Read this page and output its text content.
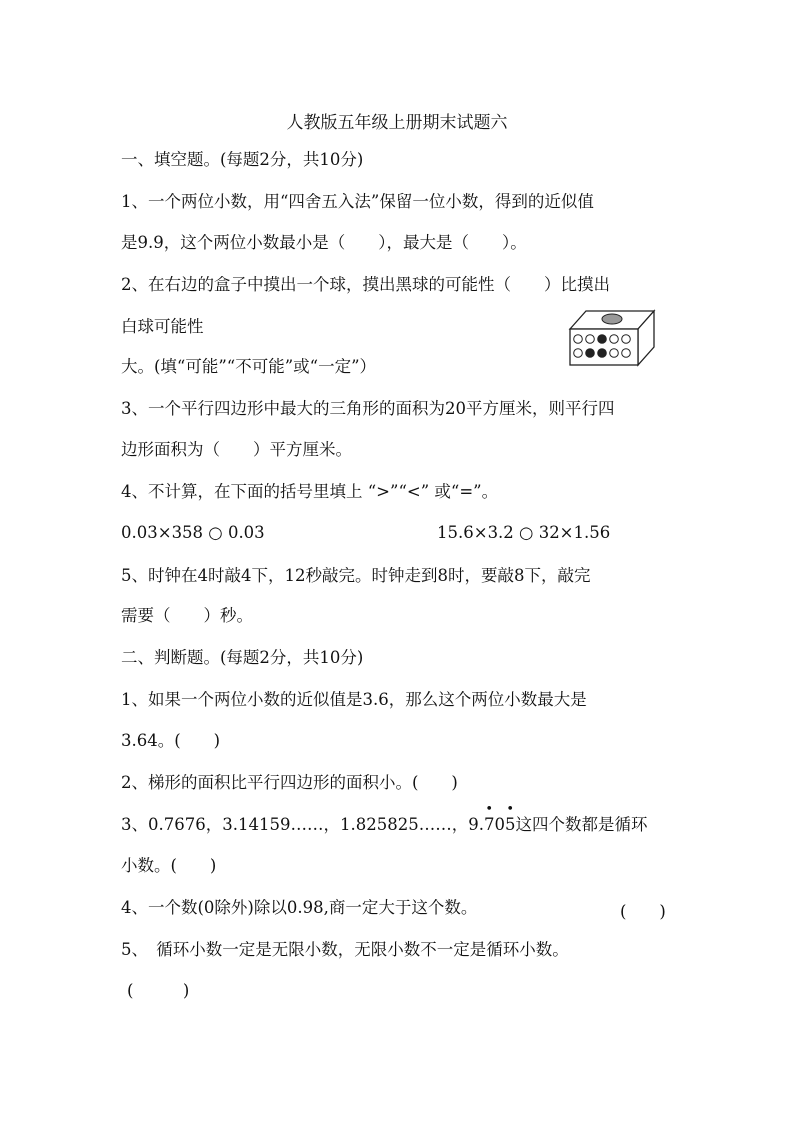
人教版五年级上册期末试题六
一、填空题。(每题2分，共10分)
1、一个两位小数，用“四舍五入法”保留一位小数，得到的近似值
是9.9，这个两位小数最小是（　　），最大是（　　）。
2、在右边的盒子中摸出一个球，摸出黑球的可能性（　　）比摸出
白球可能性
大。(填“可能”“不可能”或“一定”）
3、一个平行四边形中最大的三角形的面积为20平方厘米，则平行四
边形面积为（　　）平方厘米。
4、不计算，在下面的括号里填上 “>”“<” 或“=”。
0.03×358 ○ 0.03	15.6×3.2 ○ 32×1.56
5、时钟在4时敲4下，12秒敲完。时钟走到8时，要敲8下，敲完
需要（　　）秒。
二、判断题。(每题2分，共10分)
1、如果一个两位小数的近似值是3.6，那么这个两位小数最大是
3.64。(　　)
2、梯形的面积比平行四边形的面积小。(　　)
3、0.7676，3.14159……，1.825825……，9.• 70• 5这四个数都是循环
小数。(　　)
4、一个数(0除外)除以0.98,商一定大于这个数。	(　　)
5、　循环小数一定是无限小数，无限小数不一定是循环小数。
(　　　)
